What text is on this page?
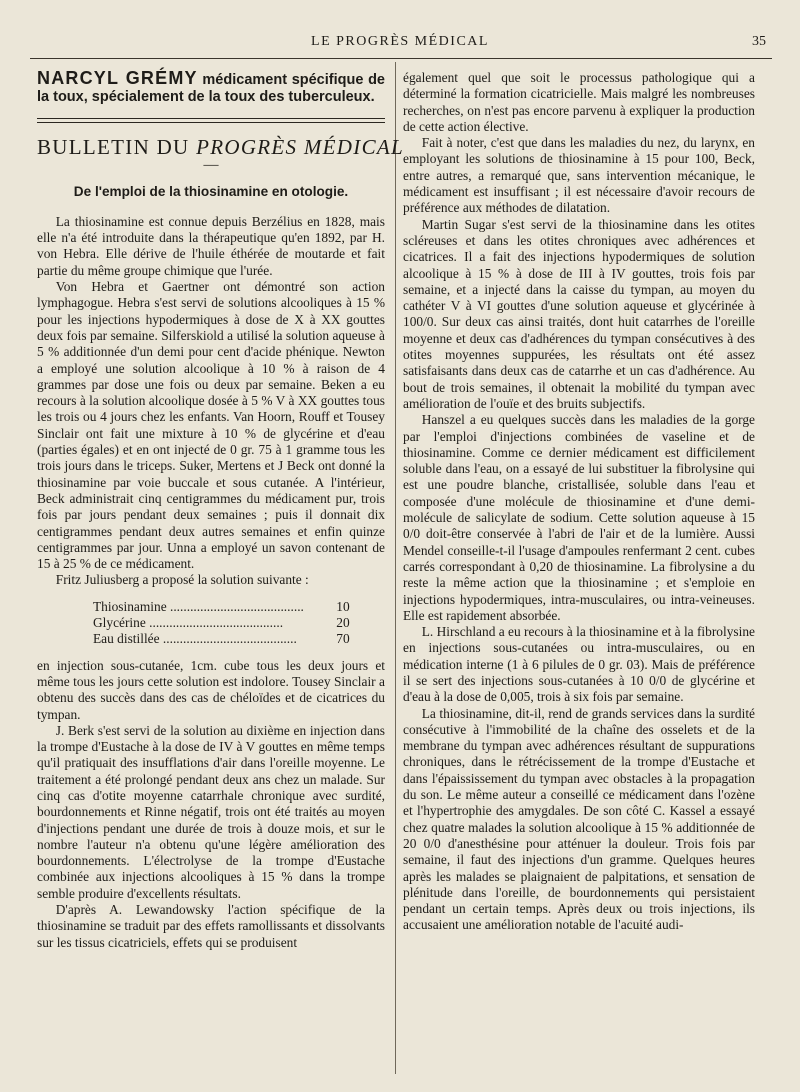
LE PROGRÈS MÉDICAL	35
NARCYL GRÉMY médicament spécifique de la toux, spécialement de la toux des tuberculeux.
BULLETIN DU PROGRÈS MÉDICAL
—
De l'emploi de la thiosinamine en otologie.

La thiosinamine est connue depuis Berzélius en 1828, mais elle n'a été introduite dans la thérapeutique qu'en 1892, par H. von Hebra. Elle dérive de l'huile éthérée de moutarde et fait partie du même groupe chimique que l'urée.

Von Hebra et Gaertner ont démontré son action lymphagogue. Hebra s'est servi de solutions alcooliques à 15 % pour les injections hypodermiques à dose de X à XX gouttes deux fois par semaine. Silferskiold a utilisé la solution aqueuse à 5 % additionnée d'un demi pour cent d'acide phénique. Newton a employé une solution alcoolique à 10 % à raison de 4 grammes par dose une fois ou deux par semaine. Beken a eu recours à la solution alcoolique dosée à 5 % V à XX gouttes tous les trois ou 4 jours chez les enfants. Van Hoorn, Rouff et Tousey Sinclair ont fait une mixture à 10 % de glycérine et d'eau (parties égales) et en ont injecté de 0 gr. 75 à 1 gramme tous les trois jours dans le triceps. Suker, Mertens et J Beck ont donné la thiosinamine par voie buccale et sous cutanée. A l'intérieur, Beck administrait cinq centigrammes du médicament pur, trois fois par jours pendant deux semaines ; puis il donnait dix centigrammes pendant deux autres semaines et enfin quinze centigrammes par jour. Unna a employé un savon contenant de 15 à 25 % de ce médicament.

Fritz Juliusberg a proposé la solution suivante :

Thiosinamine ........................................	10
Glycérine ........................................	20
Eau distillée ........................................	70

en injection sous-cutanée, 1cm. cube tous les deux jours et même tous les jours cette solution est indolore. Tousey Sinclair a obtenu des succès dans des cas de chéloïdes et de cicatrices du tympan.

J. Berk s'est servi de la solution au dixième en injection dans la trompe d'Eustache à la dose de IV à V gouttes en même temps qu'il pratiquait des insufflations d'air dans l'oreille moyenne. Le traitement a été prolongé pendant deux ans chez un malade. Sur cinq cas d'otite moyenne catarrhale chronique avec surdité, bourdonnements et Rinne négatif, trois ont été traités au moyen d'injections pendant une durée de trois à douze mois, et sur le nombre l'auteur n'a obtenu qu'une légère amélioration des bourdonnements. L'électrolyse de la trompe d'Eustache combinée aux injections alcooliques à 15 % dans la trompe semble produire d'excellents résultats.

D'après A. Lewandowsky l'action spécifique de la thiosinamine se traduit par des effets ramollissants et dissolvants sur les tissus cicatriciels, effets qui se produisent

également quel que soit le processus pathologique qui a déterminé la formation cicatricielle. Mais malgré les nombreuses recherches, on n'est pas encore parvenu à expliquer la production de cette action élective.

Fait à noter, c'est que dans les maladies du nez, du larynx, en employant les solutions de thiosinamine à 15 pour 100, Beck, entre autres, a remarqué que, sans intervention mécanique, le médicament est insuffisant ; il est nécessaire d'avoir recours de préférence aux méthodes de dilatation.

Martin Sugar s'est servi de la thiosinamine dans les otites scléreuses et dans les otites chroniques avec adhérences et cicatrices. Il a fait des injections hypodermiques de solution alcoolique à 15 % à dose de III à IV gouttes, trois fois par semaine, et a injecté dans la caisse du tympan, au moyen du cathéter V à VI gouttes d'une solution aqueuse et glycérinée à 100/0. Sur deux cas ainsi traités, dont huit catarrhes de l'oreille moyenne et deux cas d'adhérences du tympan consécutives à des otites moyennes suppurées, les résultats ont été assez satisfaisants dans deux cas de catarrhe et un cas d'adhérence. Au bout de trois semaines, il obtenait la mobilité du tympan avec amélioration de l'ouïe et des bruits subjectifs.

Hanszel a eu quelques succès dans les maladies de la gorge par l'emploi d'injections combinées de vaseline et de thiosinamine. Comme ce dernier médicament est difficilement soluble dans l'eau, on a essayé de lui substituer la fibrolysine qui est une poudre blanche, cristallisée, soluble dans l'eau et composée d'une molécule de thiosinamine et d'une demi-molécule de salicylate de sodium. Cette solution aqueuse à 15 0/0 doit-être conservée à l'abri de l'air et de la lumière. Aussi Mendel conseille-t-il l'usage d'ampoules renfermant 2 cent. cubes carrés correspondant à 0,20 de thiosinamine. La fibrolysine a du reste la même action que la thiosinamine ; et s'emploie en injections hypodermiques, intra-musculaires, ou intra-veineuses. Elle est rapidement absorbée.

L. Hirschland a eu recours à la thiosinamine et à la fibrolysine en injections sous-cutanées ou intra-musculaires, ou en médication interne (1 à 6 pilules de 0 gr. 03). Mais de préférence il se sert des injections sous-cutanées à 10 0/0 de glycérine et d'eau à la dose de 0,005, trois à six fois par semaine.

La thiosinamine, dit-il, rend de grands services dans la surdité consécutive à l'immobilité de la chaîne des osselets et de la membrane du tympan avec adhérences résultant de suppurations chroniques, dans le rétrécissement de la trompe d'Eustache et dans l'épaississement du tympan avec obstacles à la propagation du son. Le même auteur a conseillé ce médicament dans l'ozène et l'hypertrophie des amygdales. De son côté C. Kassel a essayé chez quatre malades la solution alcoolique à 15 % additionnée de 20 0/0 d'anesthésine pour atténuer la douleur. Trois fois par semaine, il faut des injections d'un gramme. Quelques heures après les malades se plaignaient de palpitations, et sensation de plénitude dans l'oreille, de bourdonnements qui persistaient pendant un certain temps. Après deux ou trois injections, ils accusaient une amélioration notable de l'acuité audi-
